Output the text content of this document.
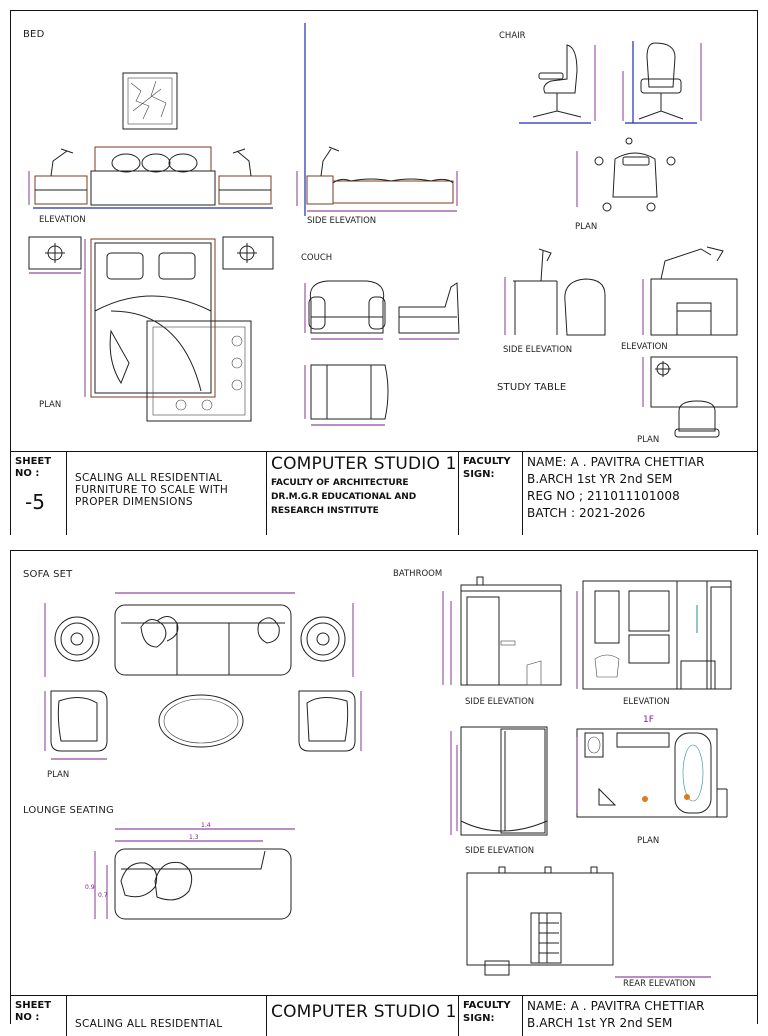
BED
ELEVATION	SIDE ELEVATION
PLAN
CHAIR
PLAN
COUCH
SIDE ELEVATION	ELEVATION
STUDY TABLE
PLAN
SHEET NO :
-5
SCALING ALL RESIDENTIAL FURNITURE TO SCALE WITH PROPER DIMENSIONS
COMPUTER STUDIO 1
FACULTY OF ARCHITECTURE
DR.M.G.R EDUCATIONAL AND
RESEARCH INSTITUTE
FACULTY SIGN:
NAME: A . PAVITRA CHETTIAR
B.ARCH 1st YR 2nd SEM
REG NO ; 211011101008
BATCH : 2021-2026
SOFA SET
PLAN
LOUNGE SEATING
1.4
1.3
0.9
0.7
BATHROOM
SIDE ELEVATION	ELEVATION
1F
PLAN
SIDE ELEVATION
REAR ELEVATION
SHEET NO :
SCALING ALL RESIDENTIAL
COMPUTER STUDIO 1 FACULTY SIGN:
NAME: A . PAVITRA CHETTIAR
B.ARCH 1st YR 2nd SEM
